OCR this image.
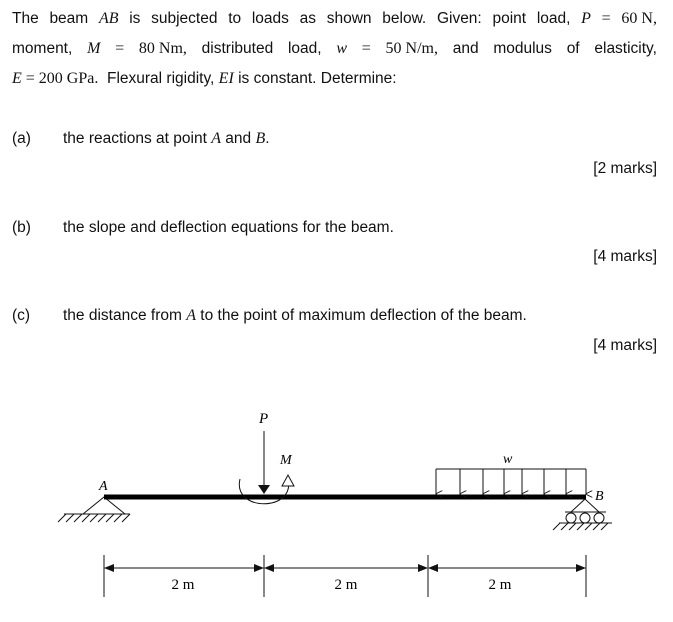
The beam AB is subjected to loads as shown below. Given: point load, P = 60 N,
moment, M = 80 Nm, distributed load, w = 50 N/m, and modulus of elasticity,
E = 200 GPa. Flexural rigidity, EI is constant. Determine:
(a) the reactions at point A and B.
[2 marks]
(b) the slope and deflection equations for the beam.
[4 marks]
(c) the distance from A to the point of maximum deflection of the beam.
[4 marks]
A
P
M	w
B
2 m	2 m	2 m
